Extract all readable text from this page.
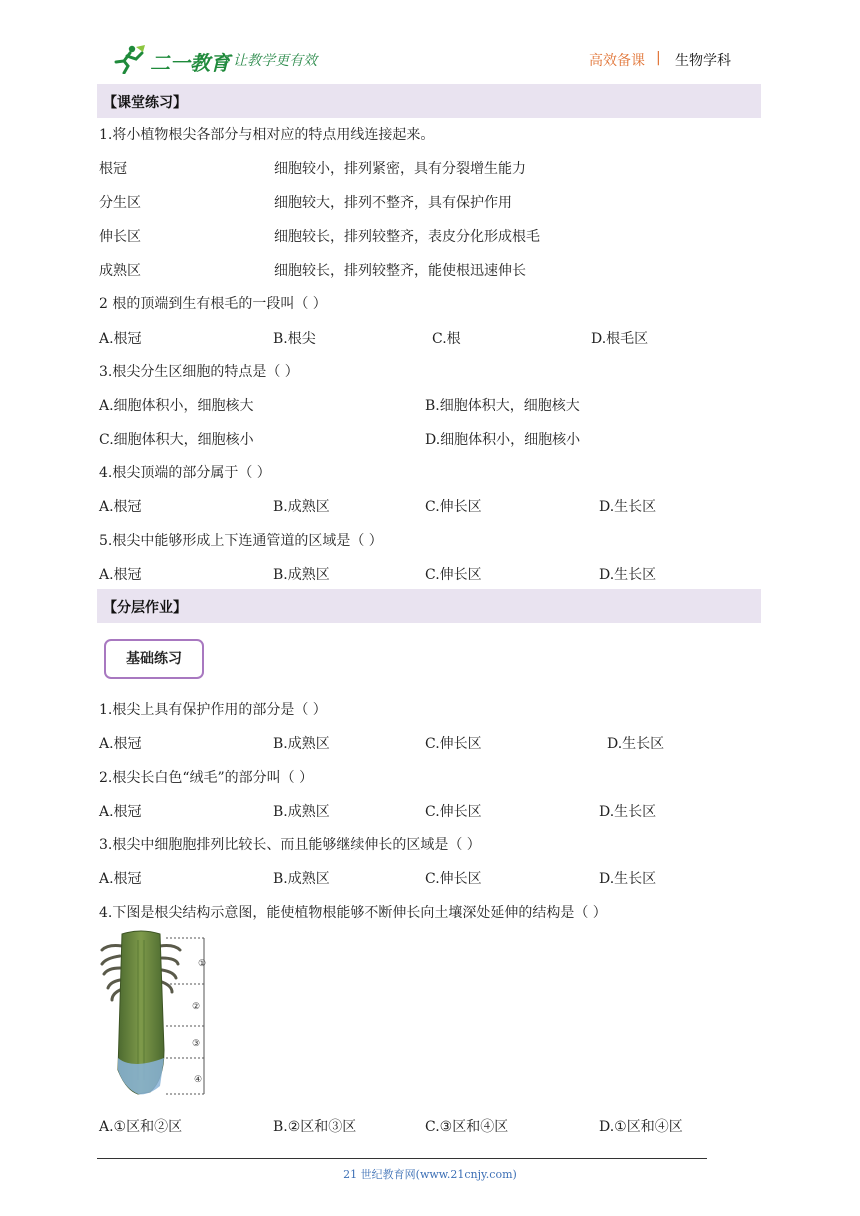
二一教育
/ 让教学更有效	高效备课 | 生物学科
【课堂练习】
1.将小植物根尖各部分与相对应的特点用线连接起来。
根冠	细胞较小，排列紧密，具有分裂增生能力
分生区	细胞较大，排列不整齐，具有保护作用
伸长区	细胞较长，排列较整齐，表皮分化形成根毛
成熟区	细胞较长，排列较整齐，能使根迅速伸长
2 根的顶端到生有根毛的一段叫（ ）
A.根冠	B.根尖	C.根	D.根毛区
3.根尖分生区细胞的特点是（ ）
A.细胞体积小，细胞核大	B.细胞体积大，细胞核大
C.细胞体积大，细胞核小	D.细胞体积小，细胞核小
4.根尖顶端的部分属于（ ）
A.根冠	B.成熟区	C.伸长区	D.生长区
5.根尖中能够形成上下连通管道的区域是（ ）
A.根冠	B.成熟区	C.伸长区	D.生长区
【分层作业】
基础练习
1.根尖上具有保护作用的部分是（ ）
A.根冠	B.成熟区	C.伸长区	D.生长区
2.根尖长白色“绒毛”的部分叫（ ）
A.根冠	B.成熟区	C.伸长区	D.生长区
3.根尖中细胞胞排列比较长、而且能够继续伸长的区域是（ ）
A.根冠	B.成熟区	C.伸长区	D.生长区
4.下图是根尖结构示意图，能使植物根能够不断伸长向土壤深处延伸的结构是（ ）
①
②
③
④
A.①区和②区	B.②区和③区	C.③区和④区	D.①区和④区
21 世纪教育网(www.21cnjy.com)
